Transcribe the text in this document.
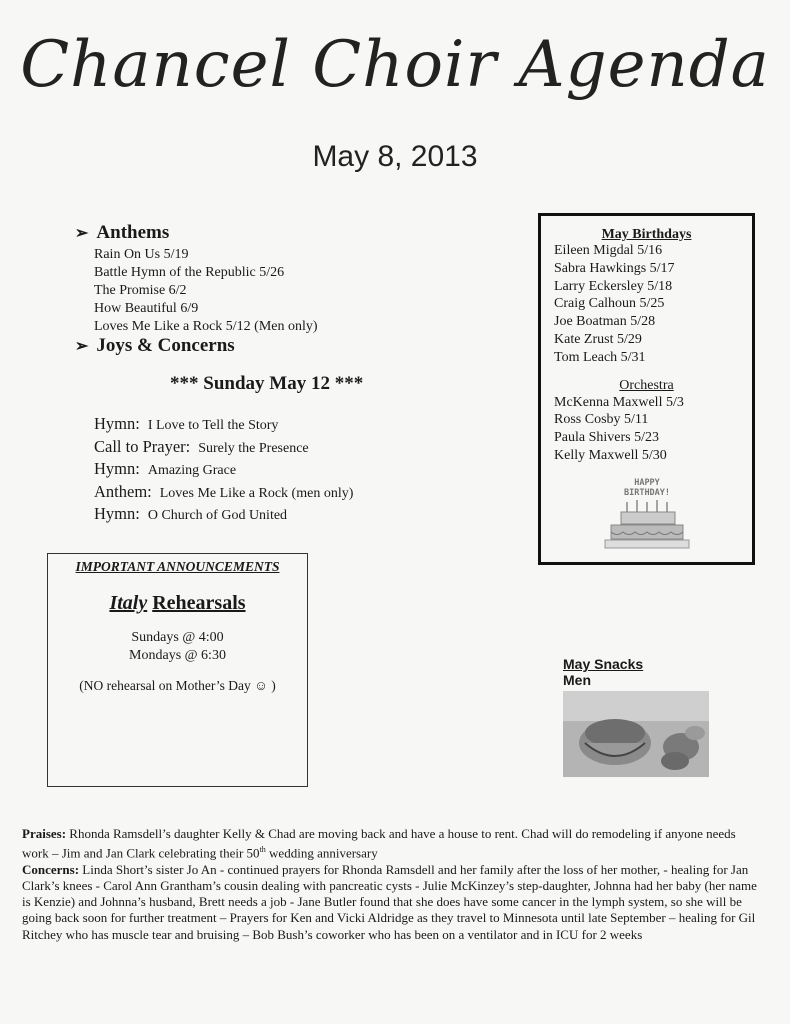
Chancel Choir Agenda
May 8, 2013
➢ Anthems
Rain On Us 5/19
Battle Hymn of the Republic 5/26
The Promise 6/2
How Beautiful 6/9
Loves Me Like a Rock 5/12 (Men only)
➢ Joys & Concerns
*** Sunday May 12 ***
Hymn: I Love to Tell the Story
Call to Prayer: Surely the Presence
Hymn: Amazing Grace
Anthem: Loves Me Like a Rock (men only)
Hymn: O Church of God United
May Birthdays
Eileen Migdal 5/16
Sabra Hawkings 5/17
Larry Eckersley 5/18
Craig Calhoun 5/25
Joe Boatman 5/28
Kate Zrust 5/29
Tom Leach 5/31
Orchestra
McKenna Maxwell 5/3
Ross Cosby 5/11
Paula Shivers 5/23
Kelly Maxwell 5/30
HAPPY
BIRTHDAY!
IMPORTANT ANNOUNCEMENTS
Italy Rehearsals
Sundays @ 4:00
Mondays @ 6:30
(NO rehearsal on Mother’s Day ☺ )
May Snacks
Men
Praises: Rhonda Ramsdell’s daughter Kelly & Chad are moving back and have a house to rent. Chad will do remodeling if anyone needs work – Jim and Jan Clark celebrating their 50th wedding anniversary
Concerns: Linda Short’s sister Jo An - continued prayers for Rhonda Ramsdell and her family after the loss of her mother, - healing for Jan Clark’s knees - Carol Ann Grantham’s cousin dealing with pancreatic cysts - Julie McKinzey’s step-daughter, Johnna had her baby (her name is Kenzie) and Johnna’s husband, Brett needs a job - Jane Butler found that she does have some cancer in the lymph system, so she will be going back soon for further treatment – Prayers for Ken and Vicki Aldridge as they travel to Minnesota until late September – healing for Gil Ritchey who has muscle tear and bruising – Bob Bush’s coworker who has been on a ventilator and in ICU for 2 weeks
